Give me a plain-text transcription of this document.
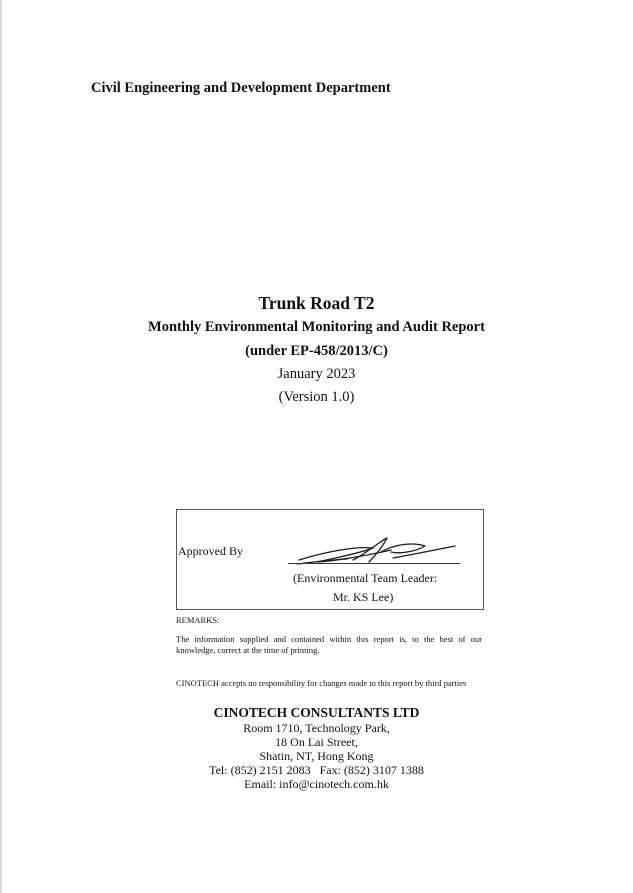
Civil Engineering and Development Department
Trunk Road T2
Monthly Environmental Monitoring and Audit Report
(under EP-458/2013/C)
January 2023
(Version 1.0)
Approved By
(Environmental Team Leader:
Mr. KS Lee)
REMARKS:
The information supplied and contained within this report is, to the best of our knowledge, correct at the time of printing.
CINOTECH accepts no responsibility for changes made to this report by third parties
CINOTECH CONSULTANTS LTD
Room 1710, Technology Park,
18 On Lai Street,
Shatin, NT, Hong Kong
Tel: (852) 2151 2083   Fax: (852) 3107 1388
Email: info@cinotech.com.hk
